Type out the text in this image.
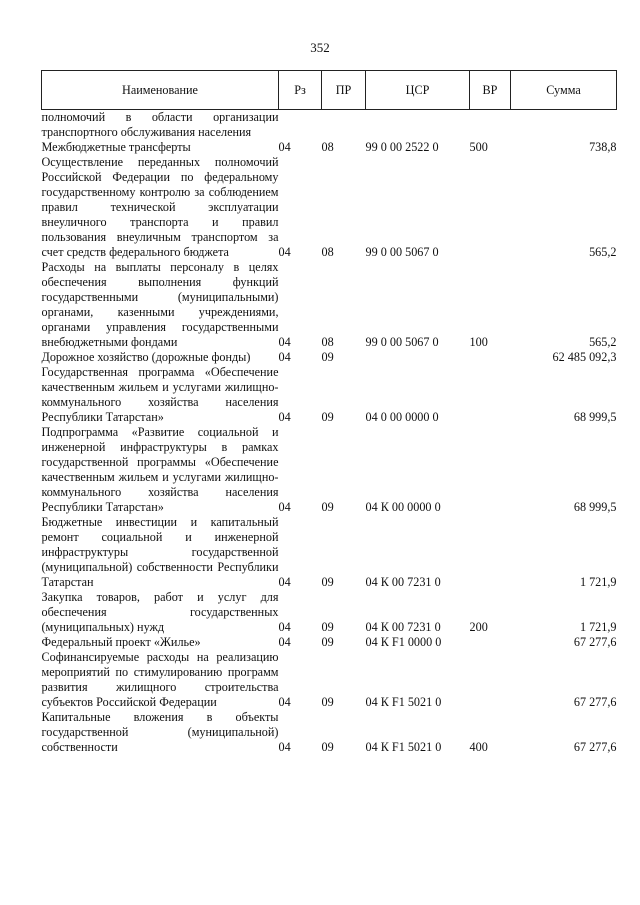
352
Наименование	Рз	ПР	ЦСР	ВР	Сумма
полномочий в области организации транспортного обслуживания населения					
Межбюджетные трансферты	04	08	99 0 00 2522 0	500	738,8
Осуществление переданных полномочий Российской Федерации по федеральному государственному контролю за соблюдением правил технической эксплуатации внеуличного транспорта и правил пользования внеуличным транспортом за счет средств федерального бюджета	04	08	99 0 00 5067 0		565,2
Расходы на выплаты персоналу в целях обеспечения выполнения функций государственными (муниципальными) органами, казенными учреждениями, органами управления государственными внебюджетными фондами	04	08	99 0 00 5067 0	100	565,2
Дорожное хозяйство (дорожные фонды)	04	09			62 485 092,3
Государственная программа «Обеспечение качественным жильем и услугами жилищно-коммунального хозяйства населения Республики Татарстан»	04	09	04 0 00 0000 0		68 999,5
Подпрограмма «Развитие социальной и инженерной инфраструктуры в рамках государственной программы «Обеспечение качественным жильем и услугами жилищно-коммунального хозяйства населения Республики Татарстан»	04	09	04 К 00 0000 0		68 999,5
Бюджетные инвестиции и капитальный ремонт социальной и инженерной инфраструктуры государственной (муниципальной) собственности Республики Татарстан	04	09	04 К 00 7231 0		1 721,9
Закупка товаров, работ и услуг для обеспечения государственных (муниципальных) нужд	04	09	04 К 00 7231 0	200	1 721,9
Федеральный проект «Жилье»	04	09	04 К F1 0000 0		67 277,6
Софинансируемые расходы на реализацию мероприятий по стимулированию программ развития жилищного строительства субъектов Российской Федерации	04	09	04 К F1 5021 0		67 277,6
Капитальные вложения в объекты государственной (муниципальной) собственности	04	09	04 К F1 5021 0	400	67 277,6
